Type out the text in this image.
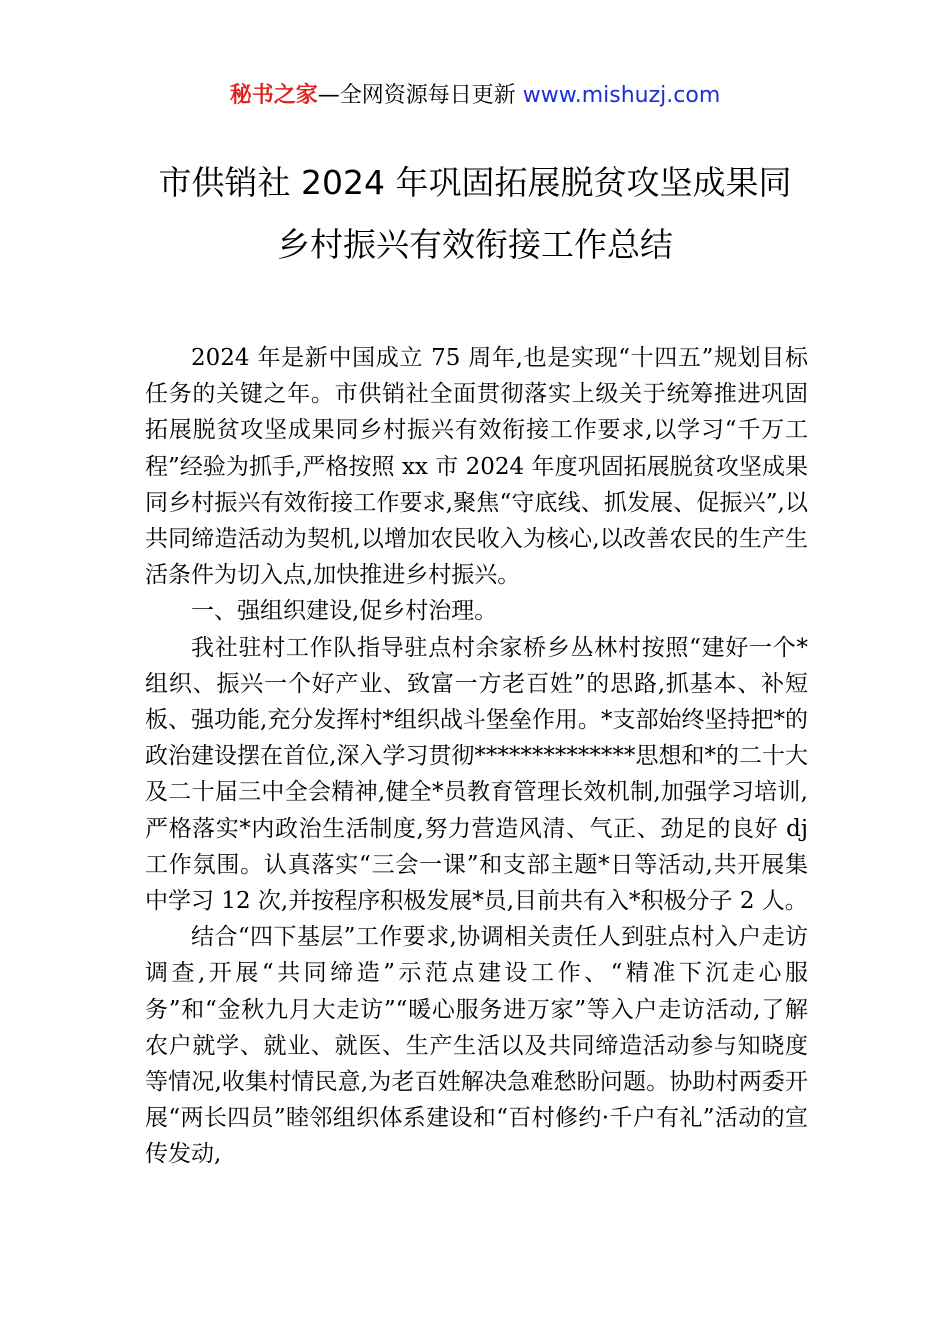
秘书之家—全网资源每日更新 www.mishuzj.com
市供销社 2024 年巩固拓展脱贫攻坚成果同
乡村振兴有效衔接工作总结

2024 年是新中国成立 75 周年,也是实现“十四五”规划目标任务的关键之年。市供销社全面贯彻落实上级关于统筹推进巩固拓展脱贫攻坚成果同乡村振兴有效衔接工作要求,以学习“千万工程”经验为抓手,严格按照 xx 市 2024 年度巩固拓展脱贫攻坚成果同乡村振兴有效衔接工作要求,聚焦“守底线、抓发展、促振兴”,以共同缔造活动为契机,以增加农民收入为核心,以改善农民的生产生活条件为切入点,加快推进乡村振兴。

一、强组织建设,促乡村治理。

我社驻村工作队指导驻点村余家桥乡丛林村按照“建好一个*组织、振兴一个好产业、致富一方老百姓”的思路,抓基本、补短板、强功能,充分发挥村*组织战斗堡垒作用。*支部始终坚持把*的政治建设摆在首位,深入学习贯彻**************思想和*的二十大及二十届三中全会精神,健全*员教育管理长效机制,加强学习培训,严格落实*内政治生活制度,努力营造风清、气正、劲足的良好 dj 工作氛围。认真落实“三会一课”和支部主题*日等活动,共开展集中学习 12 次,并按程序积极发展*员,目前共有入*积极分子 2 人。

结合“四下基层”工作要求,协调相关责任人到驻点村入户走访调查,开展“共同缔造”示范点建设工作、“精准下沉走心服务”和“金秋九月大走访”“暖心服务进万家”等入户走访活动,了解农户就学、就业、就医、生产生活以及共同缔造活动参与知晓度等情况,收集村情民意,为老百姓解决急难愁盼问题。协助村两委开展“两长四员”睦邻组织体系建设和“百村修约·千户有礼”活动的宣传发动,
